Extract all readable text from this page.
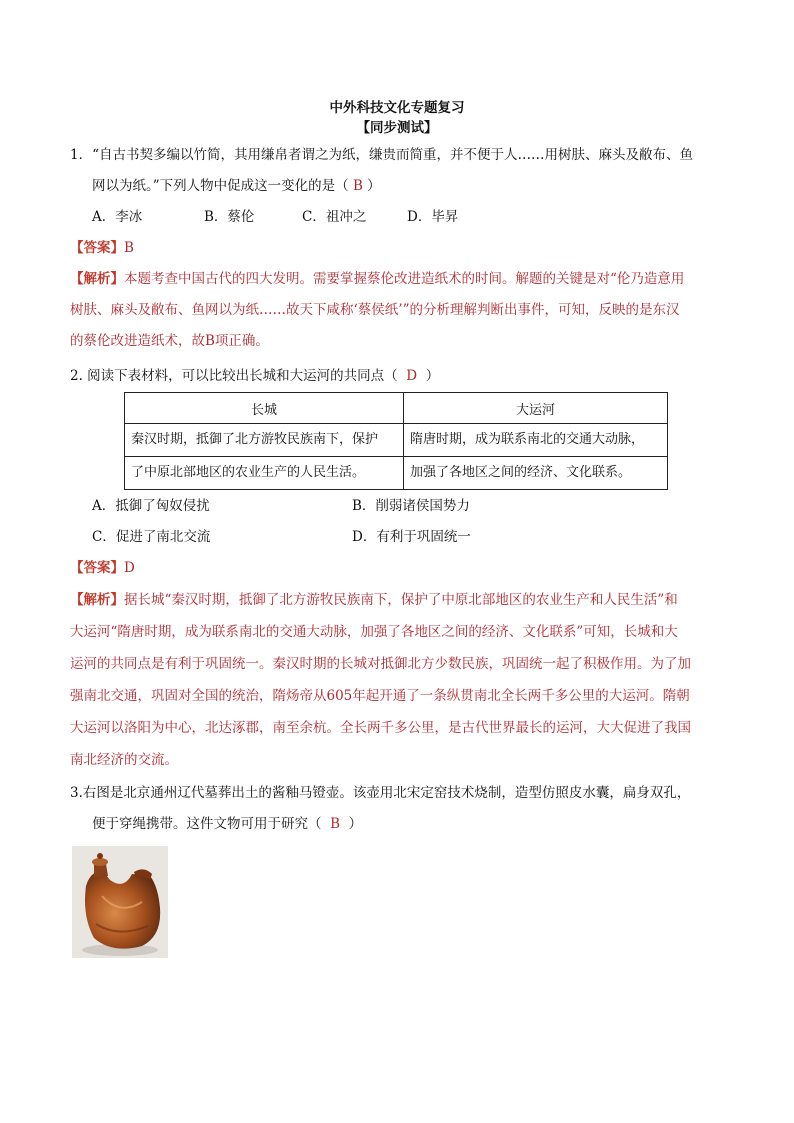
中外科技文化专题复习
【同步测试】
1．“自古书契多编以竹简，其用缣帛者谓之为纸，缣贵而简重，并不便于人……用树肤、麻头及敝布、鱼
网以为纸。”下列人物中促成这一变化的是（ B ）
A．李冰	B．蔡伦	C．祖冲之	D．毕昇
【答案】B
【解析】本题考查中国古代的四大发明。需要掌握蔡伦改进造纸术的时间。解题的关键是对“伦乃造意用
树肤、麻头及敝布、鱼网以为纸……故天下咸称‘蔡侯纸’”的分析理解判断出事件，可知，反映的是东汉
的蔡伦改进造纸术，故B项正确。
2. 阅读下表材料，可以比较出长城和大运河的共同点（ D ）
长城	大运河
秦汉时期，抵御了北方游牧民族南下，保护	隋唐时期，成为联系南北的交通大动脉，
了中原北部地区的农业生产的人民生活。	加强了各地区之间的经济、文化联系。
A．抵御了匈奴侵扰	B．削弱诸侯国势力
C．促进了南北交流	D．有利于巩固统一
【答案】D
【解析】据长城“秦汉时期，抵御了北方游牧民族南下，保护了中原北部地区的农业生产和人民生活”和
大运河“隋唐时期，成为联系南北的交通大动脉，加强了各地区之间的经济、文化联系”可知，长城和大
运河的共同点是有利于巩固统一。秦汉时期的长城对抵御北方少数民族，巩固统一起了积极作用。为了加
强南北交通，巩固对全国的统治，隋炀帝从605年起开通了一条纵贯南北全长两千多公里的大运河。隋朝
大运河以洛阳为中心，北达涿郡，南至余杭。全长两千多公里，是古代世界最长的运河，大大促进了我国
南北经济的交流。
3.右图是北京通州辽代墓葬出土的酱釉马镫壶。该壶用北宋定窑技术烧制，造型仿照皮水囊，扁身双孔，
便于穿绳携带。这件文物可用于研究（ B ）
